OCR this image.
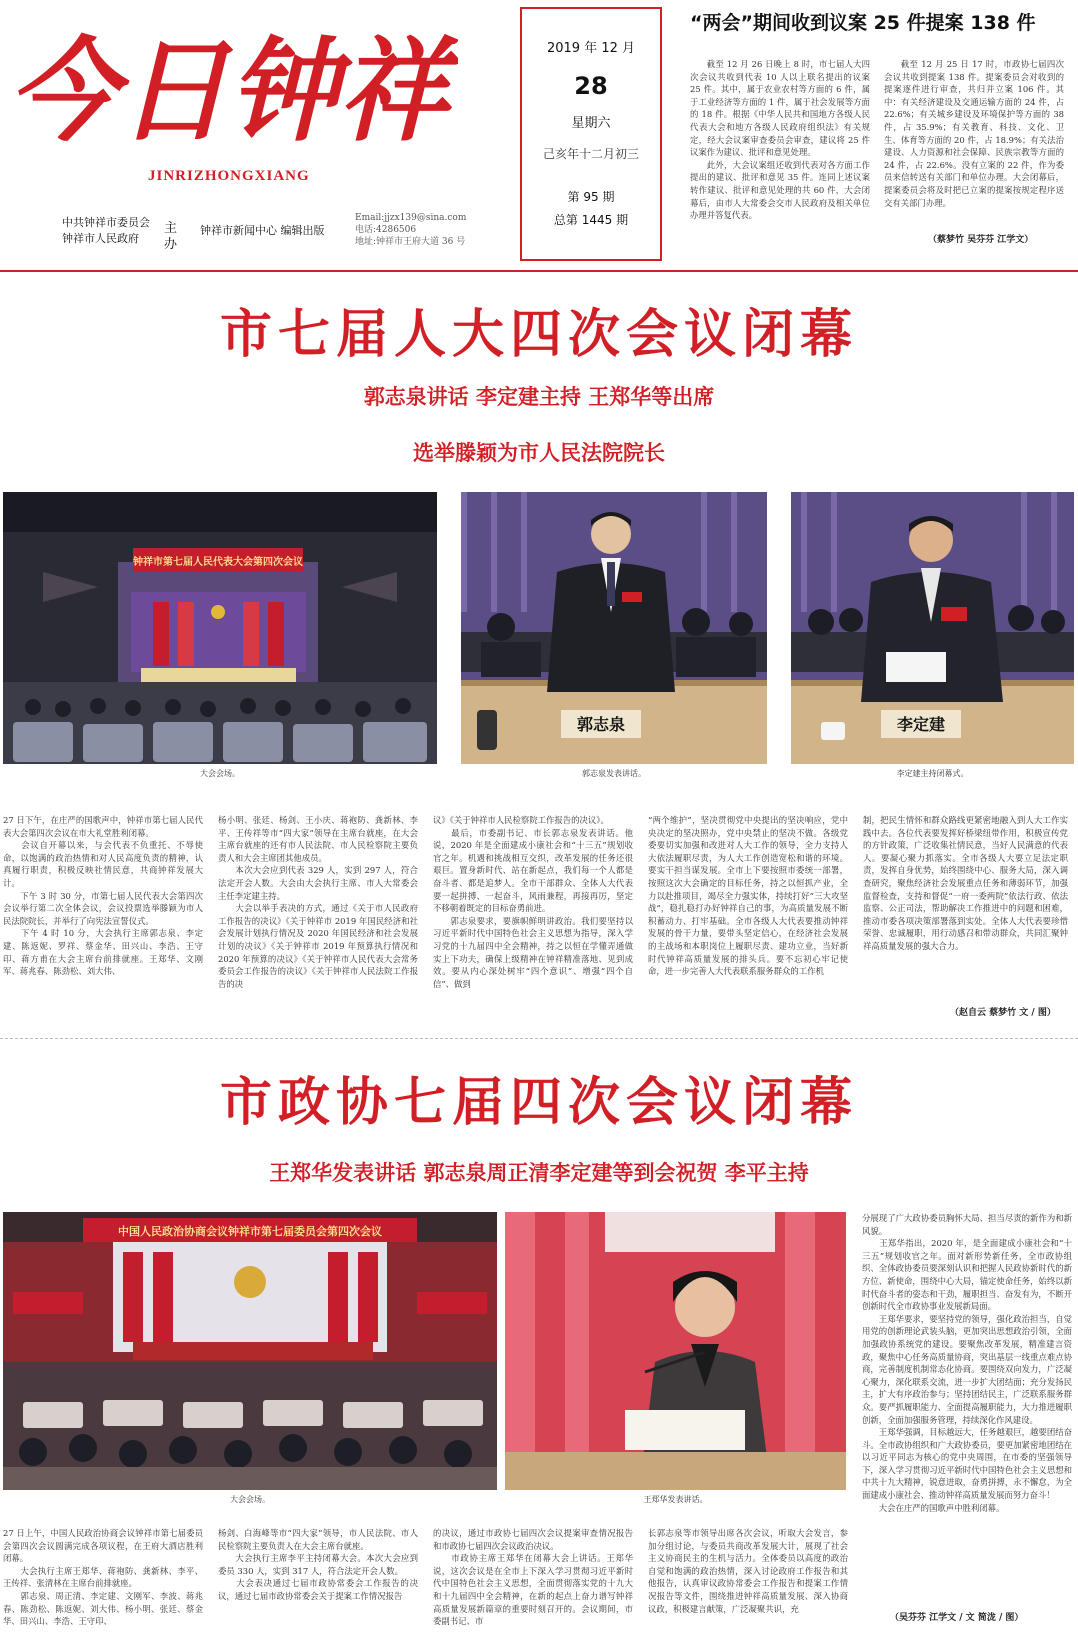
今日钟祥
JINRIZHONGXIANG
中共钟祥市委员会
钟祥市人民政府
主办
钟祥市新闻中心 编辑出版
Email:jjzx139@sina.com
电话:4286506
地址:钟祥市王府大道 36 号
2019 年 12 月
28
星期六
己亥年十二月初三
第 95 期
总第 1445 期
“两会”期间收到议案 25 件提案 138 件
截至 12 月 26 日晚上 8 时，市七届人大四次会议共收到代表 10 人以上联名提出的议案 25 件。其中，属于农业农村等方面的 6 件，属于工业经济等方面的 1 件，属于社会发展等方面的 18 件。根据《中华人民共和国地方各级人民代表大会和地方各级人民政府组织法》有关规定，经大会议案审查委员会审查，建议将 25 件议案作为建议、批评和意见处理。
此外，大会议案组还收到代表对各方面工作提出的建议、批评和意见 35 件。连同上述议案转作建议、批评和意见处理的共 60 件，大会闭幕后，由市人大常委会交市人民政府及相关单位办理并答复代表。
截至 12 月 25 日 17 时，市政协七届四次会议共收到提案 138 件。提案委员会对收到的提案逐件进行审查，共归并立案 106 件。其中：有关经济建设及交通运输方面的 24 件，占 22.6%；有关城乡建设及环境保护等方面的 38 件，占 35.9%；有关教育、科技、文化、卫生、体育等方面的 20 件，占 18.9%；有关法治建设、人力资源和社会保障、民族宗教等方面的 24 件，占 22.6%。没有立案的 22 件，作为委员来信转送有关部门和单位办理。大会闭幕后，提案委员会将及时把已立案的提案按规定程序送交有关部门办理。
（蔡梦竹 吴芬芬 江学文）
市七届人大四次会议闭幕
郭志泉讲话 李定建主持 王郑华等出席
选举滕颖为市人民法院院长
钟祥市第七届人民代表大会第四次会议
大会会场。
郭志泉
郭志泉发表讲话。
李定建
李定建主持闭幕式。
27 日下午，在庄严的国歌声中，钟祥市第七届人民代表大会第四次会议在市大礼堂胜利闭幕。
　　会议自开幕以来，与会代表不负重托、不辱使命，以饱满的政治热情和对人民高度负责的精神，认真履行职责，积极反映社情民意，共商钟祥发展大计。
　　下午 3 时 30 分，市第七届人民代表大会第四次会议举行第二次全体会议，会议投票选举滕颖为市人民法院院长，并举行了向宪法宣誓仪式。
　　下午 4 时 10 分，大会执行主席郭志泉、李定建、陈返妮、罗祥、蔡金华、田兴山、李浩、王守印、蒋方甫在大会主席台前排就座。王郑华、文刚军、蒋兆春、陈劲松、刘大伟、
杨小明、张廷、杨剑、王小庆、蒋袍防、龚新林、李平、王传祥等市“四大家”领导在主席台就座，在大会主席台就座的还有市人民法院、市人民检察院主要负责人和大会主席团其他成员。
　　本次大会应到代表 329 人，实到 297 人，符合法定开会人数。大会由大会执行主席、市人大常委会主任李定建主持。
　　大会以举手表决的方式，通过《关于市人民政府工作报告的决议》《关于钟祥市 2019 年国民经济和社会发展计划执行情况及 2020 年国民经济和社会发展计划的决议》《关于钟祥市 2019 年预算执行情况和 2020 年预算的决议》《关于钟祥市人民代表大会常务委员会工作报告的决议》《关于钟祥市人民法院工作报告的决
议》《关于钟祥市人民检察院工作报告的决议》。
　　最后，市委副书记、市长郭志泉发表讲话。他说，2020 年是全面建成小康社会和“十三五”规划收官之年。机遇和挑战相互交织，改革发展的任务还很艰巨。置身新时代、站在新起点，我们每一个人都是奋斗者、都是追梦人。全市干部群众、全体人大代表要一起拼搏、一起奋斗，风雨兼程，再接再厉，坚定不移朝着既定的目标奋勇前进。
　　郭志泉要求，要旗帜鲜明讲政治。我们要坚持以习近平新时代中国特色社会主义思想为指导，深入学习党的十九届四中全会精神，持之以恒在学懂弄通做实上下功夫，确保上级精神在钟祥精准落地、见到成效。要从内心深处树牢“四个意识”、增强“四个自信”、做到
“两个维护”，坚决贯彻党中央提出的坚决响应，党中央决定的坚决照办，党中央禁止的坚决不做。各级党委要切实加强和改进对人大工作的领导，全力支持人大依法履职尽责，为人大工作创造宽松和谐的环境。要实干担当谋发展。全市上下要按照市委统一部署，按照这次大会确定的目标任务，持之以恒抓产业，全力以赴推项目，竭尽全力强实体，持续打好“三大攻坚战”，稳扎稳打办好钟祥自己的事，为高质量发展不断积蓄动力、打牢基础。全市各级人大代表要推动钟祥发展的骨干力量，要带头坚定信心，在经济社会发展的主战场和本职岗位上履职尽责、建功立业，当好新时代钟祥高质量发展的排头兵。要不忘初心牢记使命，进一步完善人大代表联系服务群众的工作机
制，把民生情怀和群众路线更紧密地融入到人大工作实践中去。各位代表要发挥好桥梁纽带作用，积极宣传党的方针政策，广泛收集社情民意，当好人民满意的代表人。要凝心聚力抓落实。全市各级人大要立足法定职责，发挥自身优势，始终围绕中心、服务大局，深入调查研究，聚焦经济社会发展重点任务和薄弱环节，加强监督检查，支持和督促“一府一委两院”依法行政、依法监察、公正司法，帮助解决工作推进中的问题和困难，推动市委各项决策部署落到实处。全体人大代表要珍惜荣誉、忠诚履职，用行动感召和带动群众，共同汇聚钟祥高质量发展的强大合力。
（赵自云 蔡梦竹 文 / 图）
市政协七届四次会议闭幕
王郑华发表讲话 郭志泉周正清李定建等到会祝贺 李平主持
中国人民政治协商会议钟祥市第七届委员会第四次会议
大会会场。	王郑华发表讲话。
27 日上午，中国人民政治协商会议钟祥市第七届委员会第四次会议圆满完成各项议程，在王府大酒店胜利闭幕。
　　大会执行主席王郑华、蒋袍防、龚新林、李平、王传祥、张清林在主席台前排就座。
　　郭志泉、周正清、李定建、文刚军、李波、蒋兆春、陈劲松、陈返妮、刘大伟、杨小明、张廷、蔡金华、田兴山、李浩、王守印、
杨剑、白海峰等市“四大家”领导，市人民法院、市人民检察院主要负责人在大会主席台就座。
　　大会执行主席李平主持闭幕大会。本次大会应到委员 330 人，实到 317 人，符合法定开会人数。
　　大会表决通过七届市政协常委会工作报告的决议，通过七届市政协常委会关于提案工作情况报告
的决议，通过市政协七届四次会议提案审查情况报告和市政协七届四次会议政治决议。
　　市政协主席王郑华在闭幕大会上讲话。王郑华说，这次会议是在全市上下深入学习贯彻习近平新时代中国特色社会主义思想，全面贯彻落实党的十九大和十九届四中全会精神，在新的起点上奋力谱写钟祥高质量发展新篇章的重要时刻召开的。会议期间，市委副书记、市
长郭志泉等市领导出席各次会议，听取大会发言，参加分组讨论，与委员共商改革发展大计，展现了社会主义协商民主的生机与活力。全体委员以高度的政治自觉和饱满的政治热情，深入讨论政府工作报告和其他报告，认真审议政协常委会工作报告和提案工作情况报告等文件，围绕推进钟祥高质量发展、深入协商议政，积极建言献策，广泛凝聚共识，充
分展现了广大政协委员胸怀大局、担当尽责的新作为和新风貌。
　　王郑华指出，2020 年，是全面建成小康社会和“十三五”规划收官之年。面对新形势新任务，全市政协组织、全体政协委员要深刻认识和把握人民政协新时代的新方位、新使命，围绕中心大局，锚定使命任务，始终以新时代奋斗者的姿态和干劲，履职担当、奋发有为，不断开创新时代全市政协事业发展新局面。
　　王郑华要求，要坚持党的领导，强化政治担当，自觉用党的创新理论武装头脑，更加突出思想政治引领，全面加强政协系统党的建设。要聚焦改革发展，精准建言资政，聚焦中心任务高质量协商，突出基层一线重点难点协商，完善制度机制常态化协商。要围绕双向发力，广泛凝心聚力，深化联系交流，进一步扩大团结面；充分发扬民主，扩大有序政治参与；坚持团结民主，广泛联系服务群众。要严抓履职能力、全面提高履职能力，大力推进履职创新，全面加强服务管理，持续深化作风建设。
　　王郑华强调，目标越远大，任务越艰巨，越要团结奋斗。全市政协组织和广大政协委员，要更加紧密地团结在以习近平同志为核心的党中央周围，在市委的坚强领导下，深入学习贯彻习近平新时代中国特色社会主义思想和中共十九大精神，锐意进取，奋勇拼搏，永不懈怠，为全面建成小康社会、推动钟祥高质量发展而努力奋斗！
　　大会在庄严的国歌声中胜利闭幕。
（吴芬芬 江学文 / 文 简泷 / 图）
